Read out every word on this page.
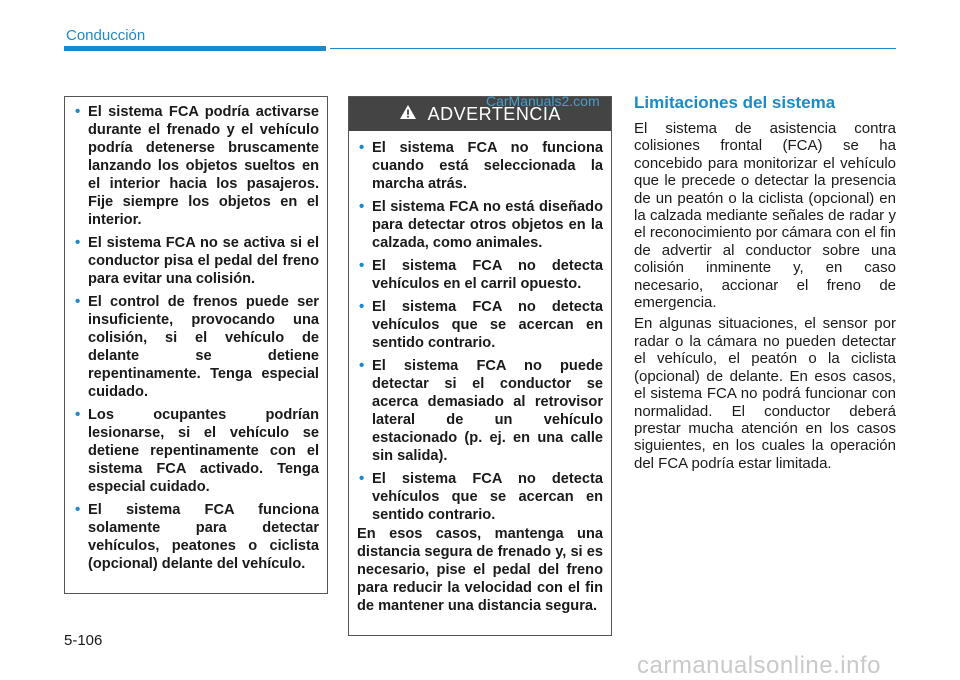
Conducción
• El sistema FCA podría activarse durante el frenado y el vehículo podría detenerse bruscamente lanzando los objetos sueltos en el interior hacia los pasajeros. Fije siempre los objetos en el interior.
• El sistema FCA no se activa si el conductor pisa el pedal del freno para evitar una colisión.
• El control de frenos puede ser insuficiente, provocando una colisión, si el vehículo de delante se detiene repentinamente. Tenga especial cuidado.
• Los ocupantes podrían lesionarse, si el vehículo se detiene repentinamente con el sistema FCA activado. Tenga especial cuidado.
• El sistema FCA funciona solamente para detectar vehículos, peatones o ciclista (opcional) delante del vehículo.
ADVERTENCIA
• El sistema FCA no funciona cuando está seleccionada la marcha atrás.
• El sistema FCA no está diseñado para detectar otros objetos en la calzada, como animales.
• El sistema FCA no detecta vehículos en el carril opuesto.
• El sistema FCA no detecta vehículos que se acercan en sentido contrario.
• El sistema FCA no puede detectar si el conductor se acerca demasiado al retrovisor lateral de un vehículo estacionado (p. ej. en una calle sin salida).
• El sistema FCA no detecta vehículos que se acercan en sentido contrario.
En esos casos, mantenga una distancia segura de frenado y, si es necesario, pise el pedal del freno para reducir la velocidad con el fin de mantener una distancia segura.
CarManuals2.com Limitaciones del sistema

El sistema de asistencia contra colisiones frontal (FCA) se ha concebido para monitorizar el vehículo que le precede o detectar la presencia de un peatón o la ciclista (opcional) en la calzada mediante señales de radar y el reconocimiento por cámara con el fin de advertir al conductor sobre una colisión inminente y, en caso necesario, accionar el freno de emergencia.

En algunas situaciones, el sensor por radar o la cámara no pueden detectar el vehículo, el peatón o la ciclista (opcional) de delante. En esos casos, el sistema FCA no podrá funcionar con normalidad. El conductor deberá prestar mucha atención en los casos siguientes, en los cuales la operación del FCA podría estar limitada.

5-106
carmanualsonline.info
